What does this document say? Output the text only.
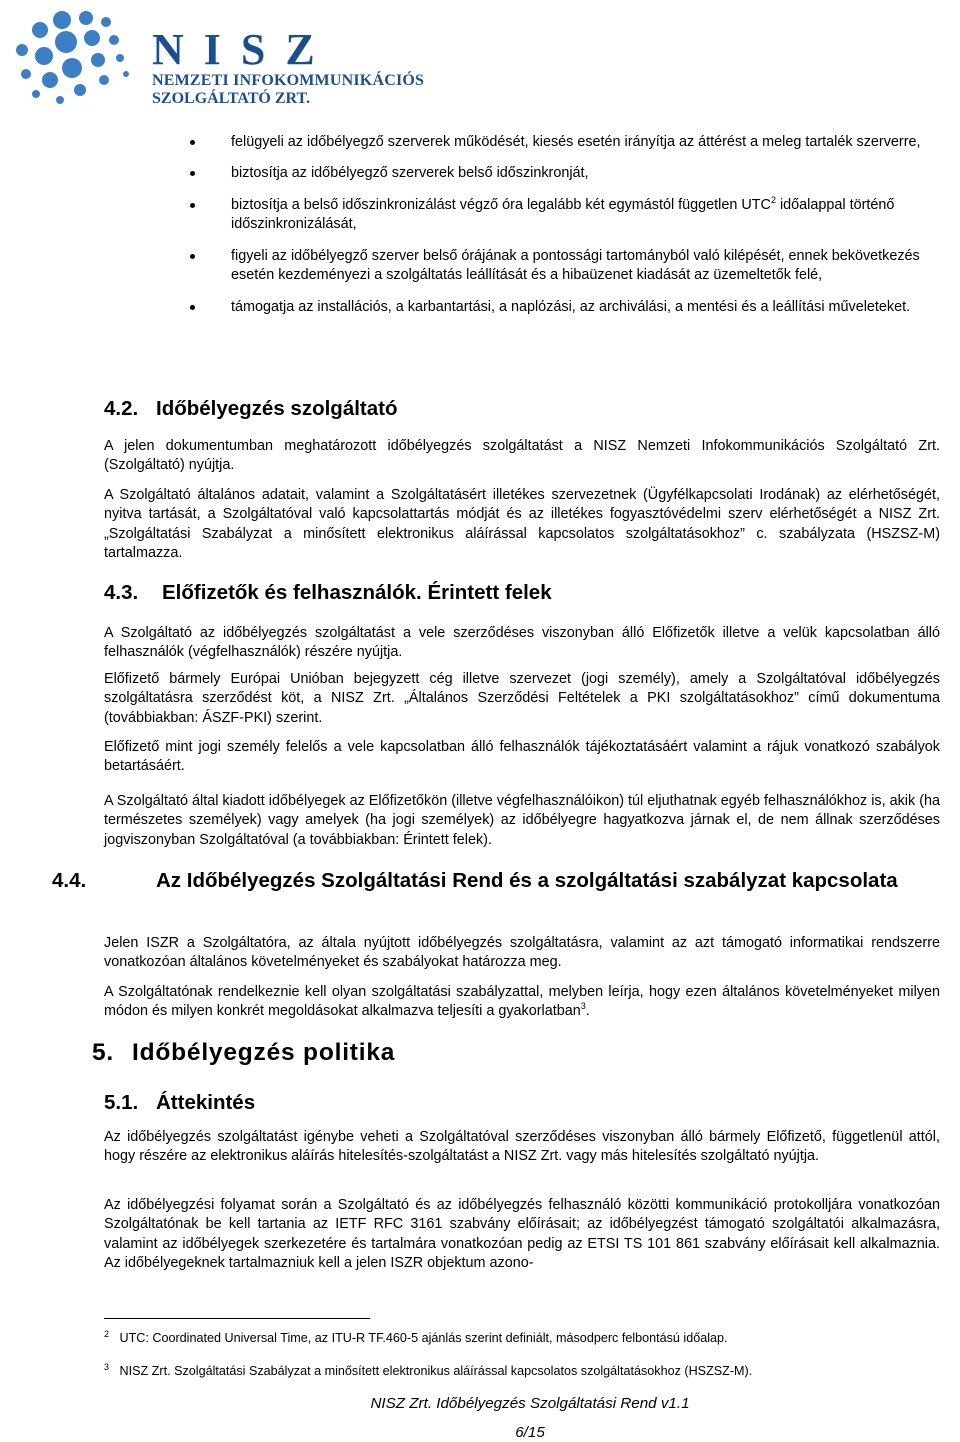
NISZ
NEMZETI INFOKOMMUNIKÁCIÓS
SZOLGÁLTATÓ ZRT.
felügyeli az időbélyegző szerverek működését, kiesés esetén irányítja az áttérést a meleg tartalék szerverre,
biztosítja az időbélyegző szerverek belső időszinkronját,
biztosítja a belső időszinkronizálást végző óra legalább két egymástól független UTC$^2$ időalappal történő időszinkronizálását,
figyeli az időbélyegző szerver belső órájának a pontossági tartományból való kilépését, ennek bekövetkezés esetén kezdeményezi a szolgáltatás leállítását és a hibaüzenet kiadását az üzemeltetők felé,
támogatja az installációs, a karbantartási, a naplózási, az archiválási, a mentési és a leállítási műveleteket.
4.2. Időbélyegzés szolgáltató
A jelen dokumentumban meghatározott időbélyegzés szolgáltatást a NISZ Nemzeti Infokommunikációs Szolgáltató Zrt. (Szolgáltató) nyújtja.
A Szolgáltató általános adatait, valamint a Szolgáltatásért illetékes szervezetnek (Ügyfélkapcsolati Irodának) az elérhetőségét, nyitva tartását, a Szolgáltatóval való kapcsolattartás módját és az illetékes fogyasztóvédelmi szerv elérhetőségét a NISZ Zrt. „Szolgáltatási Szabályzat a minősített elektronikus aláírással kapcsolatos szolgáltatásokhoz” c. szabályzata (HSZSZ-M) tartalmazza.
4.3. Előfizetők és felhasználók. Érintett felek
A Szolgáltató az időbélyegzés szolgáltatást a vele szerződéses viszonyban álló Előfizetők illetve a velük kapcsolatban álló felhasználók (végfelhasználók) részére nyújtja.
Előfizető bármely Európai Unióban bejegyzett cég illetve szervezet (jogi személy), amely a Szolgáltatóval időbélyegzés szolgáltatásra szerződést köt, a NISZ Zrt. „Általános Szerződési Feltételek a PKI szolgáltatásokhoz” című dokumentuma (továbbiakban: ÁSZF-PKI) szerint.
Előfizető mint jogi személy felelős a vele kapcsolatban álló felhasználók tájékoztatásáért valamint a rájuk vonatkozó szabályok betartásáért.
A Szolgáltató által kiadott időbélyegek az Előfizetőkön (illetve végfelhasználóikon) túl eljuthatnak egyéb felhasználókhoz is, akik (ha természetes személyek) vagy amelyek (ha jogi személyek) az időbélyegre hagyatkozva járnak el, de nem állnak szerződéses jogviszonyban Szolgáltatóval (a továbbiakban: Érintett felek).
4.4.	Az Időbélyegzés Szolgáltatási Rend és a szolgáltatási szabályzat kapcsolata
Jelen ISZR a Szolgáltatóra, az általa nyújtott időbélyegzés szolgáltatásra, valamint az azt támogató informatikai rendszerre vonatkozóan általános követelményeket és szabályokat határozza meg.
A Szolgáltatónak rendelkeznie kell olyan szolgáltatási szabályzattal, melyben leírja, hogy ezen általános követelményeket milyen módon és milyen konkrét megoldásokat alkalmazva teljesíti a gyakorlatban$^3$.
5. Időbélyegzés politika
5.1. Áttekintés
Az időbélyegzés szolgáltatást igénybe veheti a Szolgáltatóval szerződéses viszonyban álló bármely Előfizető, függetlenül attól, hogy részére az elektronikus aláírás hitelesítés-szolgáltatást a NISZ Zrt. vagy más hitelesítés szolgáltató nyújtja.
Az időbélyegzési folyamat során a Szolgáltató és az időbélyegzés felhasználó közötti kommunikáció protokolljára vonatkozóan Szolgáltatónak be kell tartania az IETF RFC 3161 szabvány előírásait; az időbélyegzést támogató szolgáltatói alkalmazásra, valamint az időbélyegek szerkezetére és tartalmára vonatkozóan pedig az ETSI TS 101 861 szabvány előírásait kell alkalmaznia. Az időbélyegeknek tartalmazniuk kell a jelen ISZR objektum azono-
$^2$ UTC: Coordinated Universal Time, az ITU-R TF.460-5 ajánlás szerint definiált, másodperc felbontású időalap.
$^3$ NISZ Zrt. Szolgáltatási Szabályzat a minősített elektronikus aláírással kapcsolatos szolgáltatásokhoz (HSZSZ-M).
NISZ Zrt. Időbélyegzés Szolgáltatási Rend v1.1
6/15
